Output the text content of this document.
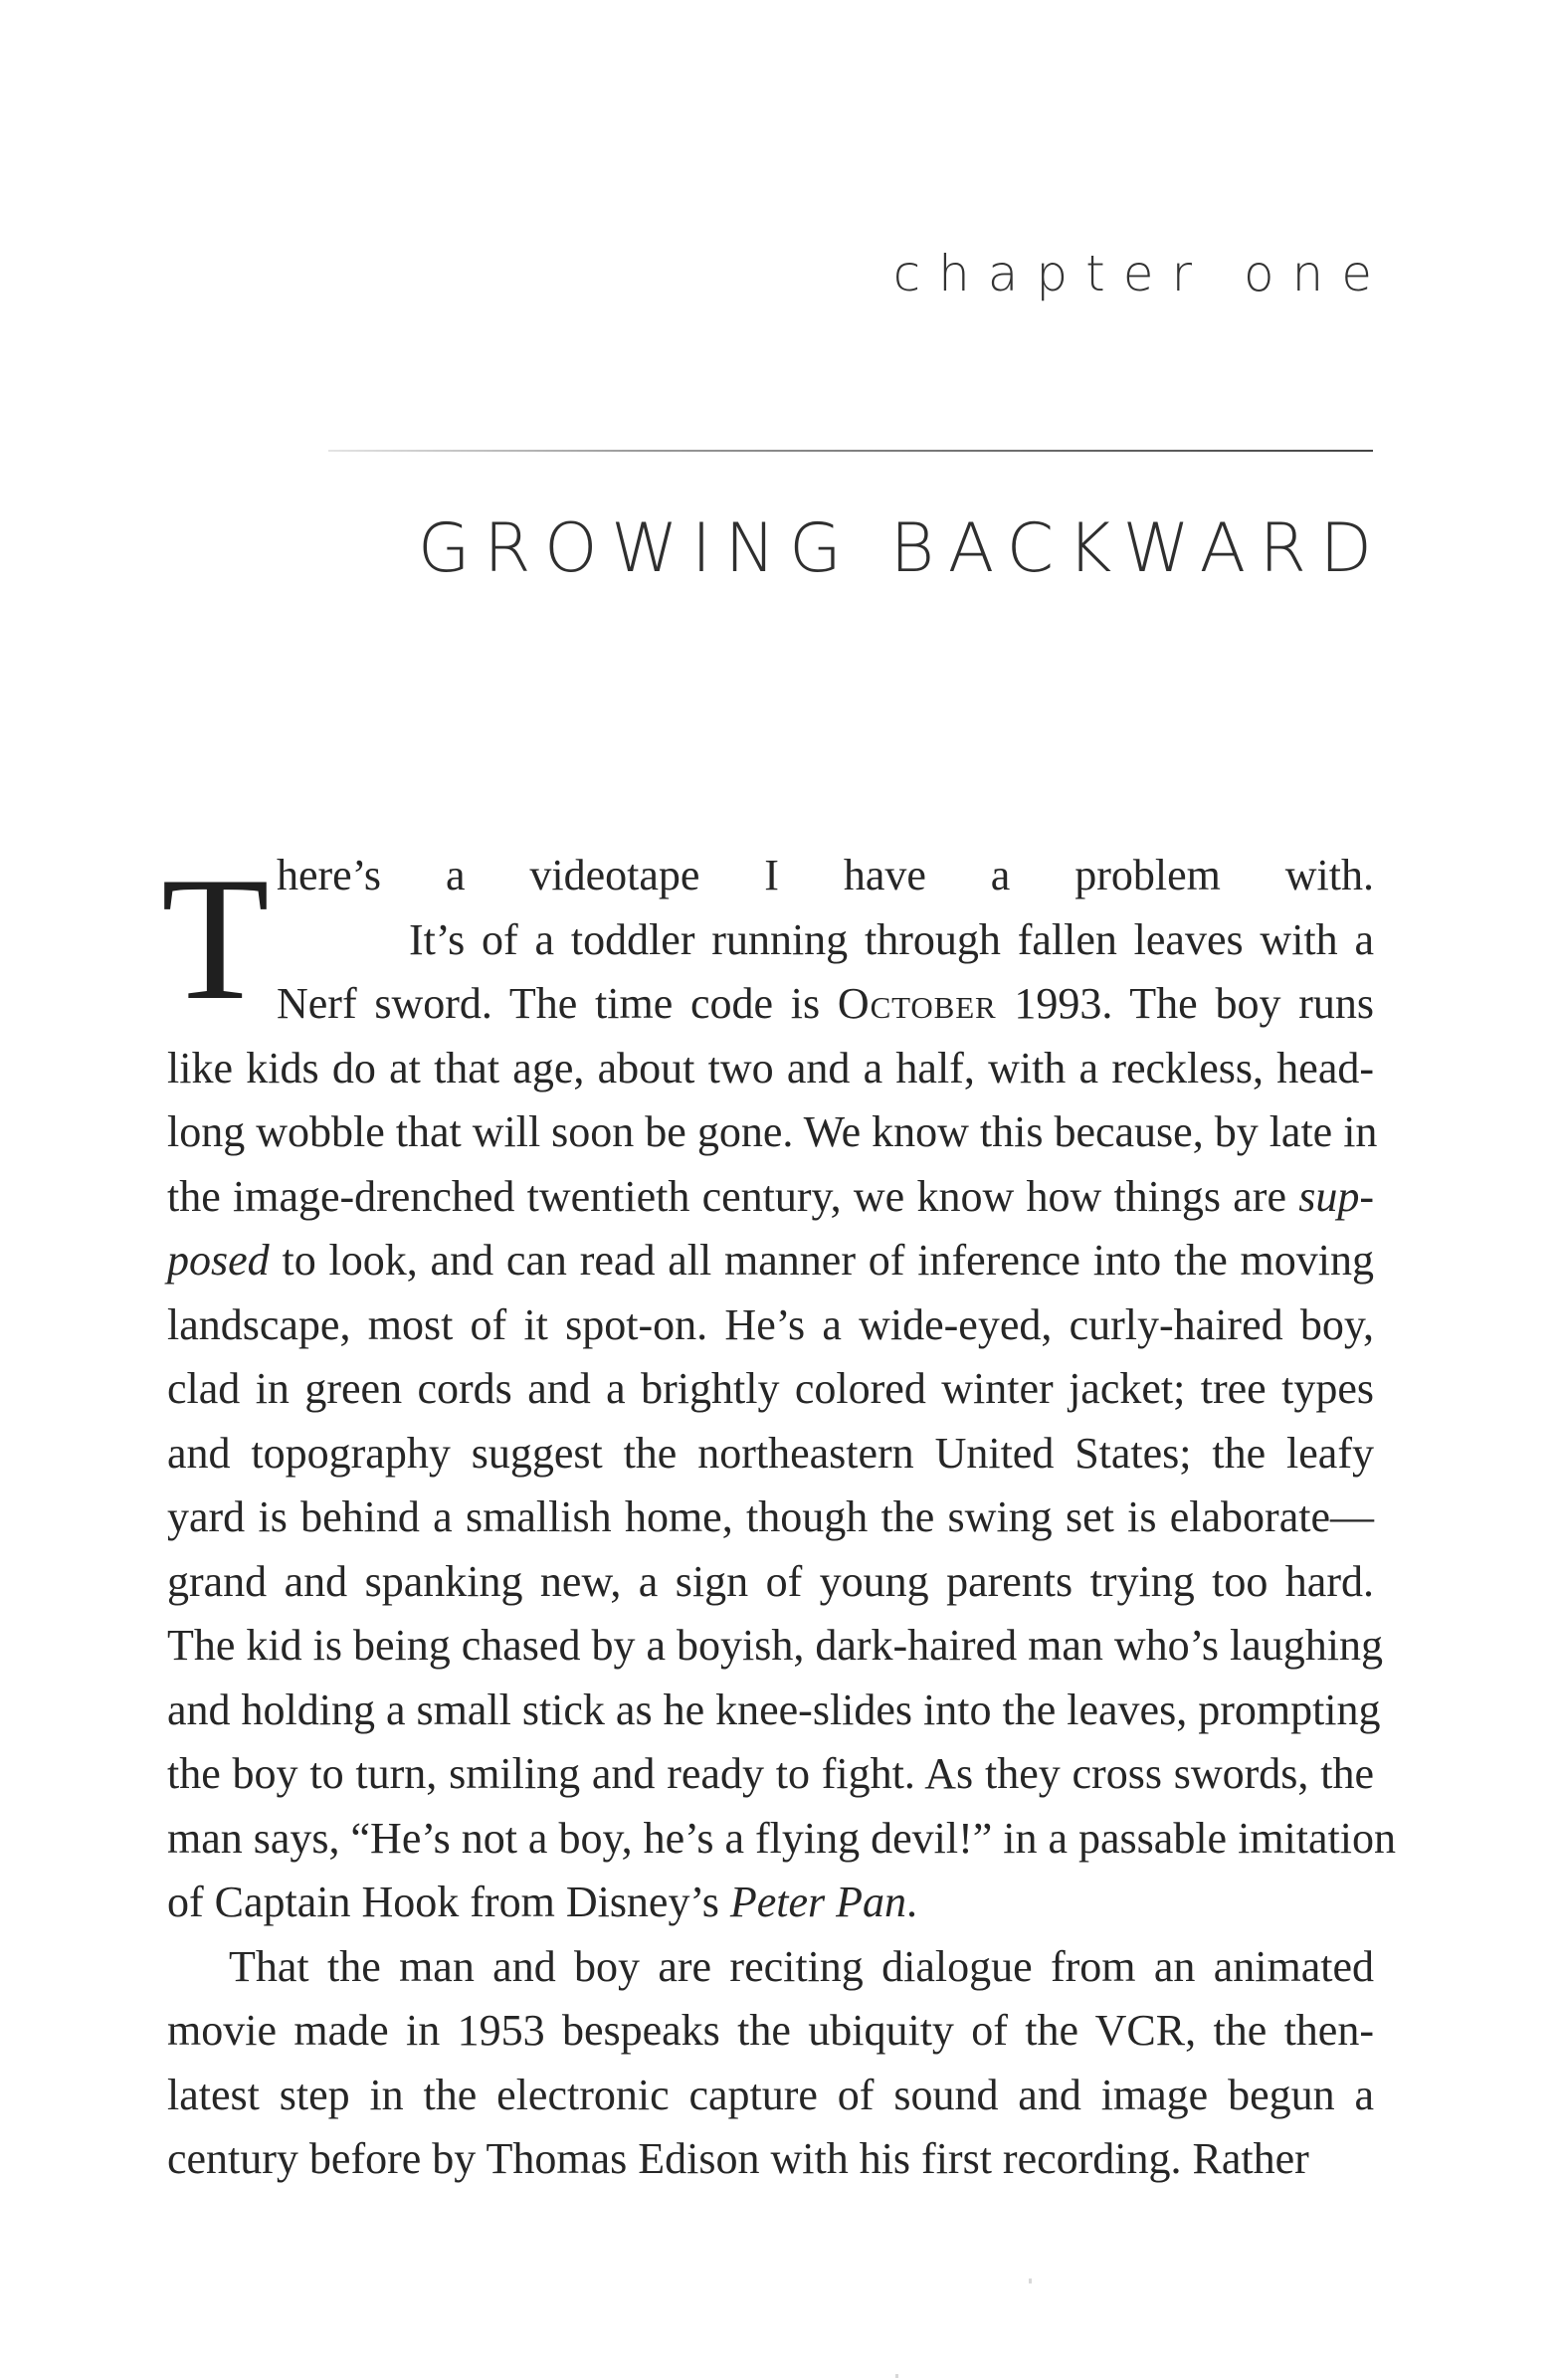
chapter one
GROWING BACKWARD
T here’s a videotape I have a problem with.
It’s of a toddler running through fallen leaves with a
Nerf sword. The time code is October 1993. The boy runs
like kids do at that age, about two and a half, with a reckless, head-
long wobble that will soon be gone. We know this because, by late in
the image-drenched twentieth century, we know how things are sup-
posed to look, and can read all manner of inference into the moving
landscape, most of it spot-on. He’s a wide-eyed, curly-haired boy,
clad in green cords and a brightly colored winter jacket; tree types
and topography suggest the northeastern United States; the leafy
yard is behind a smallish home, though the swing set is elaborate—
grand and spanking new, a sign of young parents trying too hard.
The kid is being chased by a boyish, dark-haired man who’s laughing
and holding a small stick as he knee-slides into the leaves, prompting
the boy to turn, smiling and ready to fight. As they cross swords, the
man says, “He’s not a boy, he’s a flying devil!” in a passable imitation
of Captain Hook from Disney’s Peter Pan.
That the man and boy are reciting dialogue from an animated
movie made in 1953 bespeaks the ubiquity of the VCR, the then-
latest step in the electronic capture of sound and image begun a
century before by Thomas Edison with his first recording. Rather
